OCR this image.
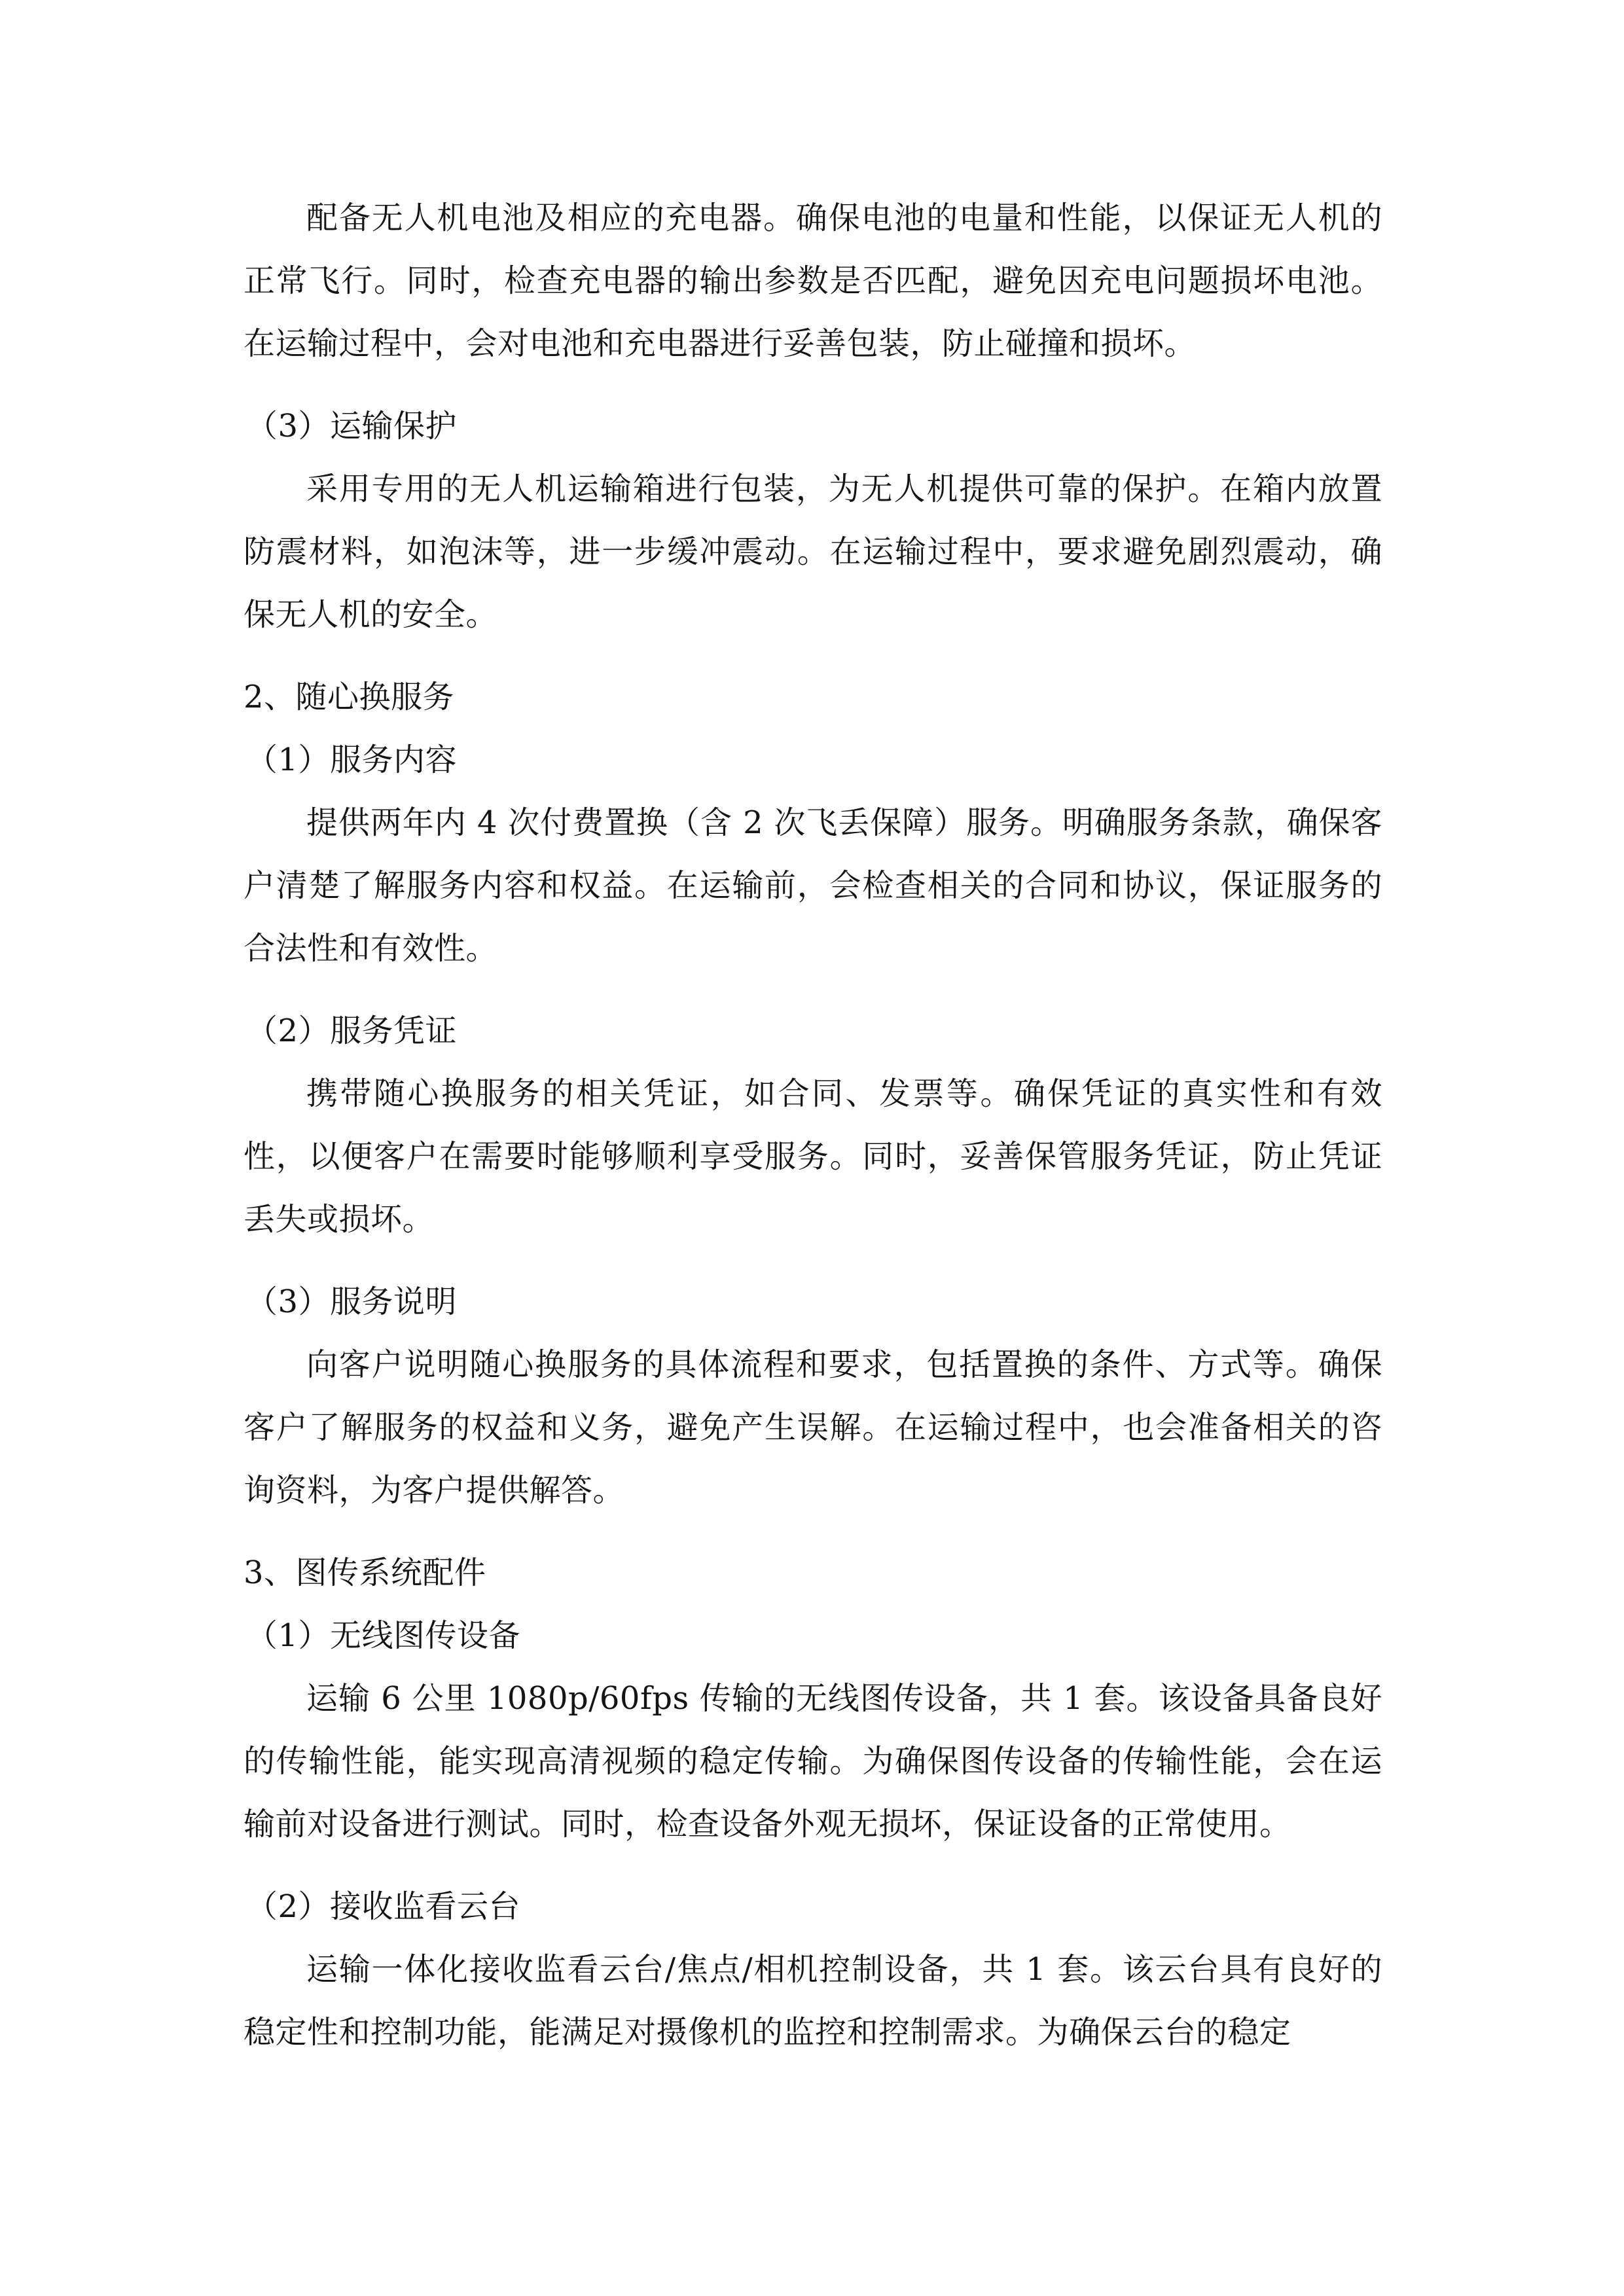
配备无人机电池及相应的充电器。确保电池的电量和性能，以保证无人机的正常飞行。同时，检查充电器的输出参数是否匹配，避免因充电问题损坏电池。在运输过程中，会对电池和充电器进行妥善包装，防止碰撞和损坏。

（3）运输保护

采用专用的无人机运输箱进行包装，为无人机提供可靠的保护。在箱内放置防震材料，如泡沫等，进一步缓冲震动。在运输过程中，要求避免剧烈震动，确保无人机的安全。

2、随心换服务

（1）服务内容

提供两年内 4 次付费置换（含 2 次飞丢保障）服务。明确服务条款，确保客户清楚了解服务内容和权益。在运输前，会检查相关的合同和协议，保证服务的合法性和有效性。

（2）服务凭证

携带随心换服务的相关凭证，如合同、发票等。确保凭证的真实性和有效性，以便客户在需要时能够顺利享受服务。同时，妥善保管服务凭证，防止凭证丢失或损坏。

（3）服务说明

向客户说明随心换服务的具体流程和要求，包括置换的条件、方式等。确保客户了解服务的权益和义务，避免产生误解。在运输过程中，也会准备相关的咨询资料，为客户提供解答。

3、图传系统配件

（1）无线图传设备

运输 6 公里 1080p/60fps 传输的无线图传设备，共 1 套。该设备具备良好的传输性能，能实现高清视频的稳定传输。为确保图传设备的传输性能，会在运输前对设备进行测试。同时，检查设备外观无损坏，保证设备的正常使用。

（2）接收监看云台

运输一体化接收监看云台/焦点/相机控制设备，共 1 套。该云台具有良好的稳定性和控制功能，能满足对摄像机的监控和控制需求。为确保云台的稳定
